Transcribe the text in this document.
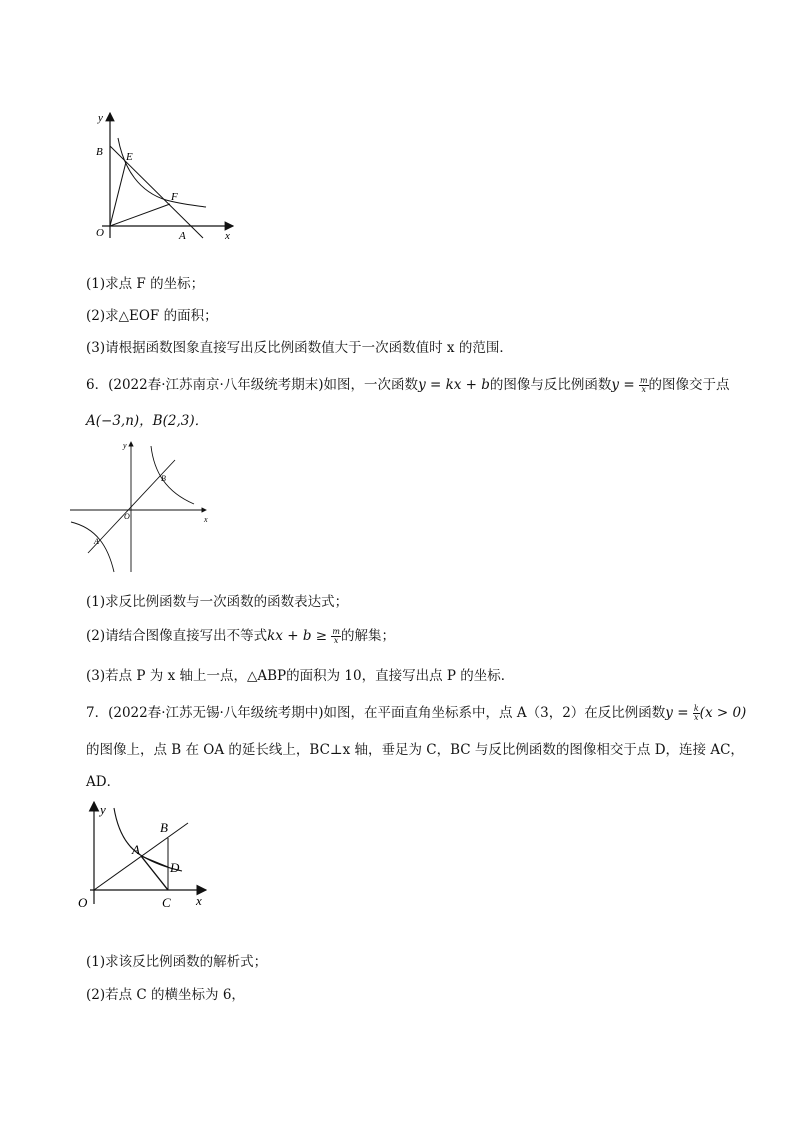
y
B E
F
O	A	x
(1)求点 F 的坐标；
(2)求△EOF 的面积；
(3)请根据函数图象直接写出反比例函数值大于一次函数值时 x 的范围．
6．(2022春·江苏南京·八年级统考期末)如图，一次函数y = kx + b的图像与反比例函数$y = \frac{m}{x}$ 的图像交于点
A(−3,n)，B(2,3)．
y
B
O	x
A
(1)求反比例函数与一次函数的函数表达式；
(2)请结合图像直接写出不等式kx + $b \ge \frac{m}{x}$ 的解集；
(3)若点 P 为 x 轴上一点，△ABP的面积为 10，直接写出点 P 的坐标．
7．(2022春·江苏无锡·八年级统考期中)如图，在平面直角坐标系中，点 A（3，2）在反比例函数$y = \frac{k}{x} (x > 0)$
的图像上，点 B 在 OA 的延长线上，BC⊥x 轴，垂足为 C，BC 与反比例函数的图像相交于点 D，连接 AC，
AD．
y
B
A
D
O	C x
(1)求该反比例函数的解析式；
(2)若点 C 的横坐标为 6，
